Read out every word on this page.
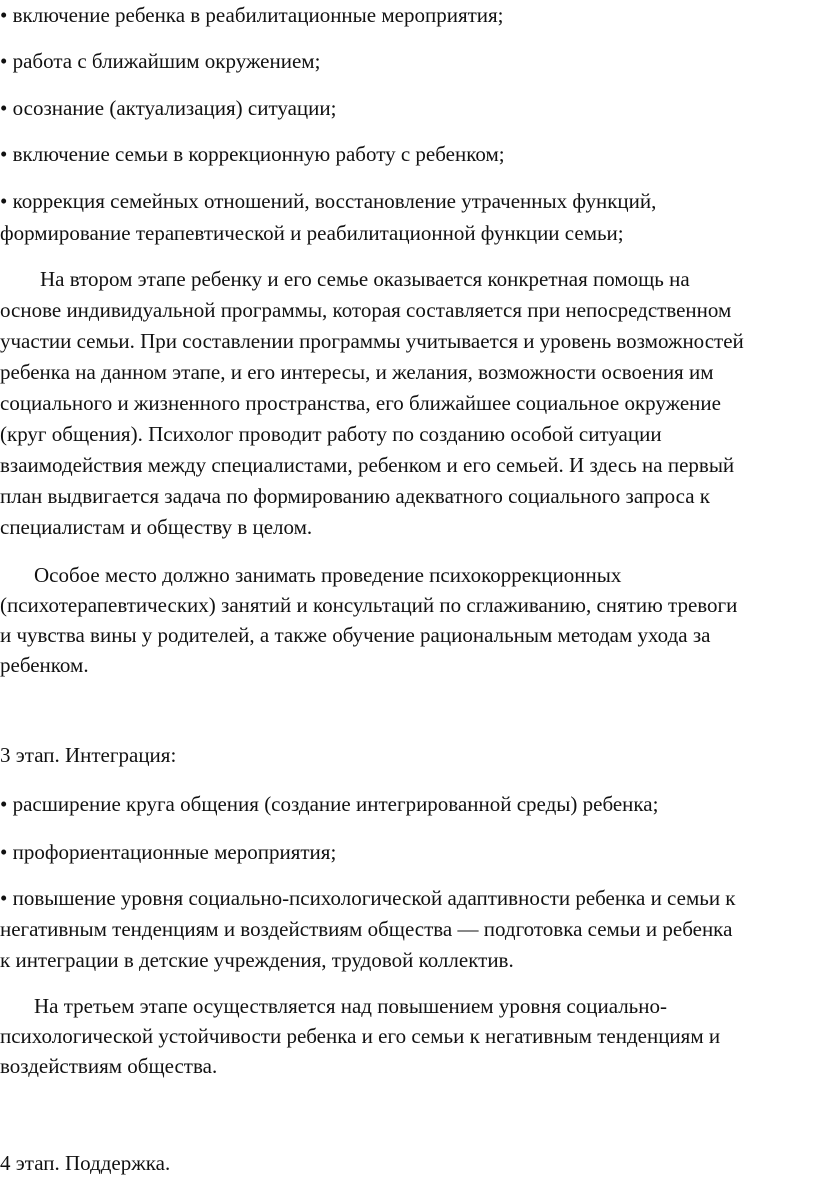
• включение ребенка в реабилитационные мероприятия;
• работа с ближайшим окружением;
• осознание (актуализация) ситуации;
• включение семьи в коррекционную работу с ребенком;
• коррекция семейных отношений, восстановление утраченных функций,
формирование терапевтической и реабилитационной функции семьи;
На втором этапе ребенку и его семье оказывается конкретная помощь на
основе индивидуальной программы, которая составляется при непосредственном
участии семьи. При составлении программы учитывается и уровень возможностей
ребенка на данном этапе, и его интересы, и желания, возможности освоения им
социального и жизненного пространства, его ближайшее социальное окружение
(круг общения). Психолог проводит работу по созданию особой ситуации
взаимодействия между специалистами, ребенком и его семьей. И здесь на первый
план выдвигается задача по формированию адекватного социального запроса к
специалистам и обществу в целом.
Особое место должно занимать проведение психокоррекционных
(психотерапевтических) занятий и консультаций по сглаживанию, снятию тревоги
и чувства вины у родителей, а также обучение рациональным методам ухода за
ребенком.
3 этап. Интеграция:
• расширение круга общения (создание интегрированной среды) ребенка;
• профориентационные мероприятия;
• повышение уровня социально-психологической адаптивности ребенка и семьи к
негативным тенденциям и воздействиям общества — подготовка семьи и ребенка
к интеграции в детские учреждения, трудовой коллектив.
На третьем этапе осуществляется над повышением уровня социально-
психологической устойчивости ребенка и его семьи к негативным тенденциям и
воздействиям общества.
4 этап. Поддержка.
